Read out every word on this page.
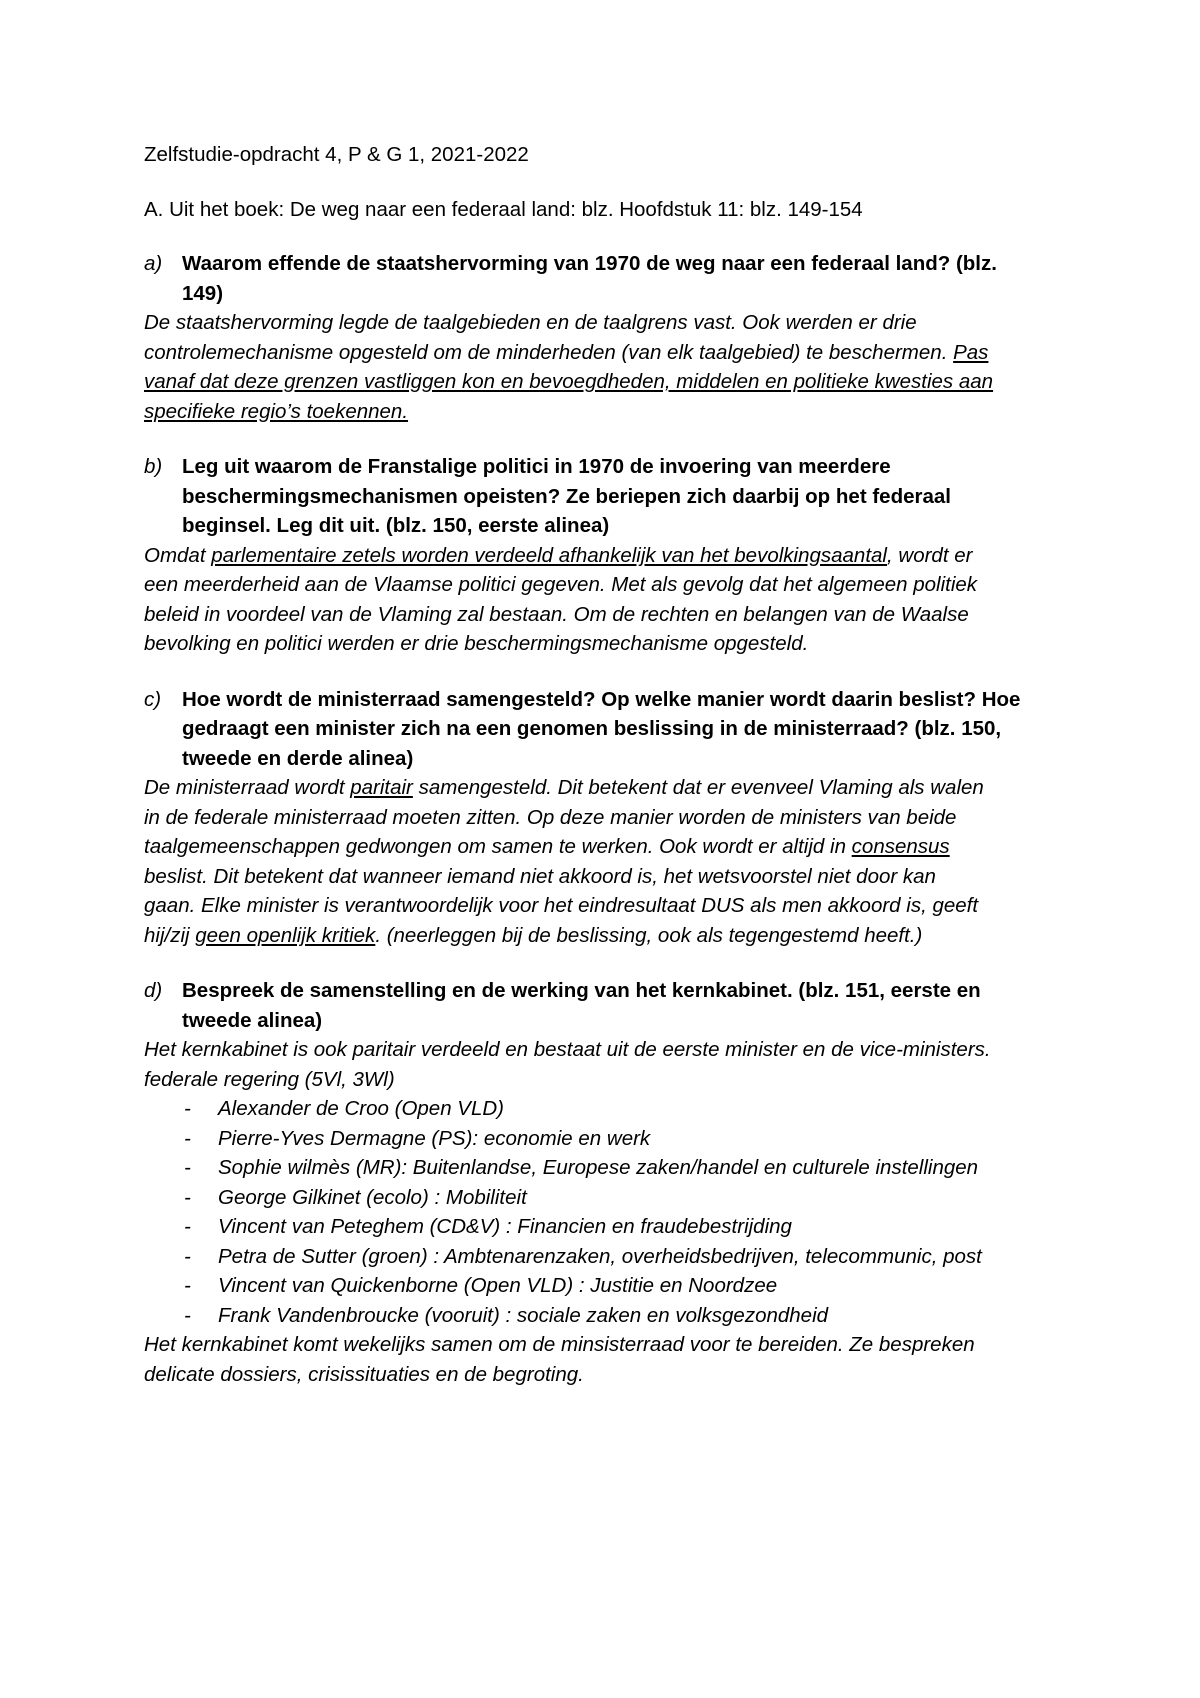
Zelfstudie-opdracht 4, P & G 1, 2021-2022

A. Uit het boek: De weg naar een federaal land: blz. Hoofdstuk 11: blz. 149-154

a) Waarom effende de staatshervorming van 1970 de weg naar een federaal land? (blz.

149)

De staatshervorming legde de taalgebieden en de taalgrens vast. Ook werden er drie

controlemechanisme opgesteld om de minderheden (van elk taalgebied) te beschermen. Pas

vanaf dat deze grenzen vastliggen kon en bevoegdheden, middelen en politieke kwesties aan

specifieke regio’s toekennen.

b) Leg uit waarom de Franstalige politici in 1970 de invoering van meerdere

beschermingsmechanismen opeisten? Ze beriepen zich daarbij op het federaal

beginsel. Leg dit uit. (blz. 150, eerste alinea)

Omdat parlementaire zetels worden verdeeld afhankelijk van het bevolkingsaantal, wordt er

een meerderheid aan de Vlaamse politici gegeven. Met als gevolg dat het algemeen politiek

beleid in voordeel van de Vlaming zal bestaan. Om de rechten en belangen van de Waalse

bevolking en politici werden er drie beschermingsmechanisme opgesteld.

c) Hoe wordt de ministerraad samengesteld? Op welke manier wordt daarin beslist? Hoe

gedraagt een minister zich na een genomen beslissing in de ministerraad? (blz. 150,

tweede en derde alinea)

De ministerraad wordt paritair samengesteld. Dit betekent dat er evenveel Vlaming als walen

in de federale ministerraad moeten zitten. Op deze manier worden de ministers van beide

taalgemeenschappen gedwongen om samen te werken. Ook wordt er altijd in consensus

beslist. Dit betekent dat wanneer iemand niet akkoord is, het wetsvoorstel niet door kan

gaan. Elke minister is verantwoordelijk voor het eindresultaat DUS als men akkoord is, geeft

hij/zij geen openlijk kritiek. (neerleggen bij de beslissing, ook als tegengestemd heeft.)

d) Bespreek de samenstelling en de werking van het kernkabinet. (blz. 151, eerste en

tweede alinea)

Het kernkabinet is ook paritair verdeeld en bestaat uit de eerste minister en de vice-ministers.

federale regering (5Vl, 3Wl)

- Alexander de Croo (Open VLD)
- Pierre-Yves Dermagne (PS): economie en werk
- Sophie wilmès (MR): Buitenlandse, Europese zaken/handel en culturele instellingen
- George Gilkinet (ecolo) : Mobiliteit
- Vincent van Peteghem (CD&V) : Financien en fraudebestrijding
- Petra de Sutter (groen) : Ambtenarenzaken, overheidsbedrijven, telecommunic, post
- Vincent van Quickenborne (Open VLD) : Justitie en Noordzee
- Frank Vandenbroucke (vooruit) : sociale zaken en volksgezondheid

Het kernkabinet komt wekelijks samen om de minsisterraad voor te bereiden. Ze bespreken

delicate dossiers, crisissituaties en de begroting.
